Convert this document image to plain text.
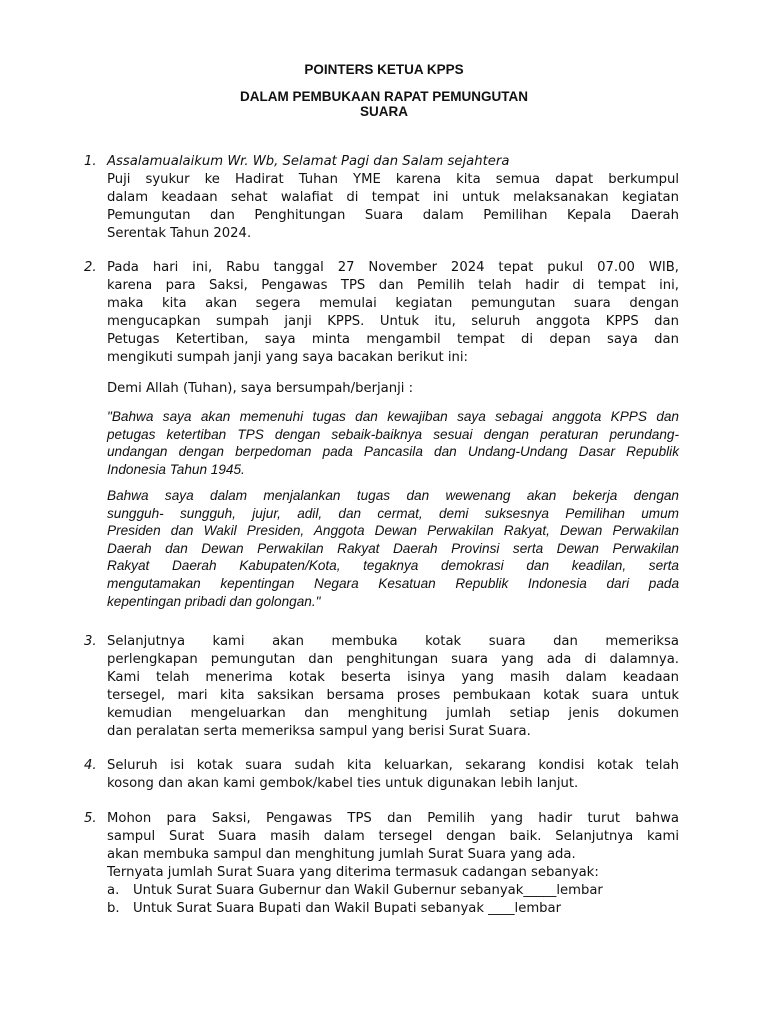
POINTERS KETUA KPPS
DALAM PEMBUKAAN RAPAT PEMUNGUTAN
SUARA
1. Assalamualaikum Wr. Wb, Selamat Pagi dan Salam sejahtera
Puji syukur ke Hadirat Tuhan YME karena kita semua dapat berkumpul
dalam keadaan sehat walafiat di tempat ini untuk melaksanakan kegiatan
Pemungutan dan Penghitungan Suara dalam Pemilihan Kepala Daerah
Serentak Tahun 2024.
2. Pada hari ini, Rabu tanggal 27 November 2024 tepat pukul 07.00 WIB,
karena para Saksi, Pengawas TPS dan Pemilih telah hadir di tempat ini,
maka kita akan segera memulai kegiatan pemungutan suara dengan
mengucapkan sumpah janji KPPS. Untuk itu, seluruh anggota KPPS dan
Petugas Ketertiban, saya minta mengambil tempat di depan saya dan
mengikuti sumpah janji yang saya bacakan berikut ini:
Demi Allah (Tuhan), saya bersumpah/berjanji :
"Bahwa saya akan memenuhi tugas dan kewajiban saya sebagai anggota KPPS dan
petugas ketertiban TPS dengan sebaik-baiknya sesuai dengan peraturan perundang-
undangan dengan berpedoman pada Pancasila dan Undang-Undang Dasar Republik
Indonesia Tahun 1945.
Bahwa saya dalam menjalankan tugas dan wewenang akan bekerja dengan
sungguh- sungguh, jujur, adil, dan cermat, demi suksesnya Pemilihan umum
Presiden dan Wakil Presiden, Anggota Dewan Perwakilan Rakyat, Dewan Perwakilan
Daerah dan Dewan Perwakilan Rakyat Daerah Provinsi serta Dewan Perwakilan
Rakyat Daerah Kabupaten/Kota, tegaknya demokrasi dan keadilan, serta
mengutamakan kepentingan Negara Kesatuan Republik Indonesia dari pada
kepentingan pribadi dan golongan."
3. Selanjutnya kami akan membuka kotak suara dan memeriksa
perlengkapan pemungutan dan penghitungan suara yang ada di dalamnya.
Kami telah menerima kotak beserta isinya yang masih dalam keadaan
tersegel, mari kita saksikan bersama proses pembukaan kotak suara untuk
kemudian mengeluarkan dan menghitung jumlah setiap jenis dokumen
dan peralatan serta memeriksa sampul yang berisi Surat Suara.
4. Seluruh isi kotak suara sudah kita keluarkan, sekarang kondisi kotak telah
kosong dan akan kami gembok/kabel ties untuk digunakan lebih lanjut.
5. Mohon para Saksi, Pengawas TPS dan Pemilih yang hadir turut bahwa
sampul Surat Suara masih dalam tersegel dengan baik. Selanjutnya kami
akan membuka sampul dan menghitung jumlah Surat Suara yang ada.
Ternyata jumlah Surat Suara yang diterima termasuk cadangan sebanyak:
a.	Untuk Surat Suara Gubernur dan Wakil Gubernur sebanyak_____lembar
b.	Untuk Surat Suara Bupati dan Wakil Bupati sebanyak ____lembar
